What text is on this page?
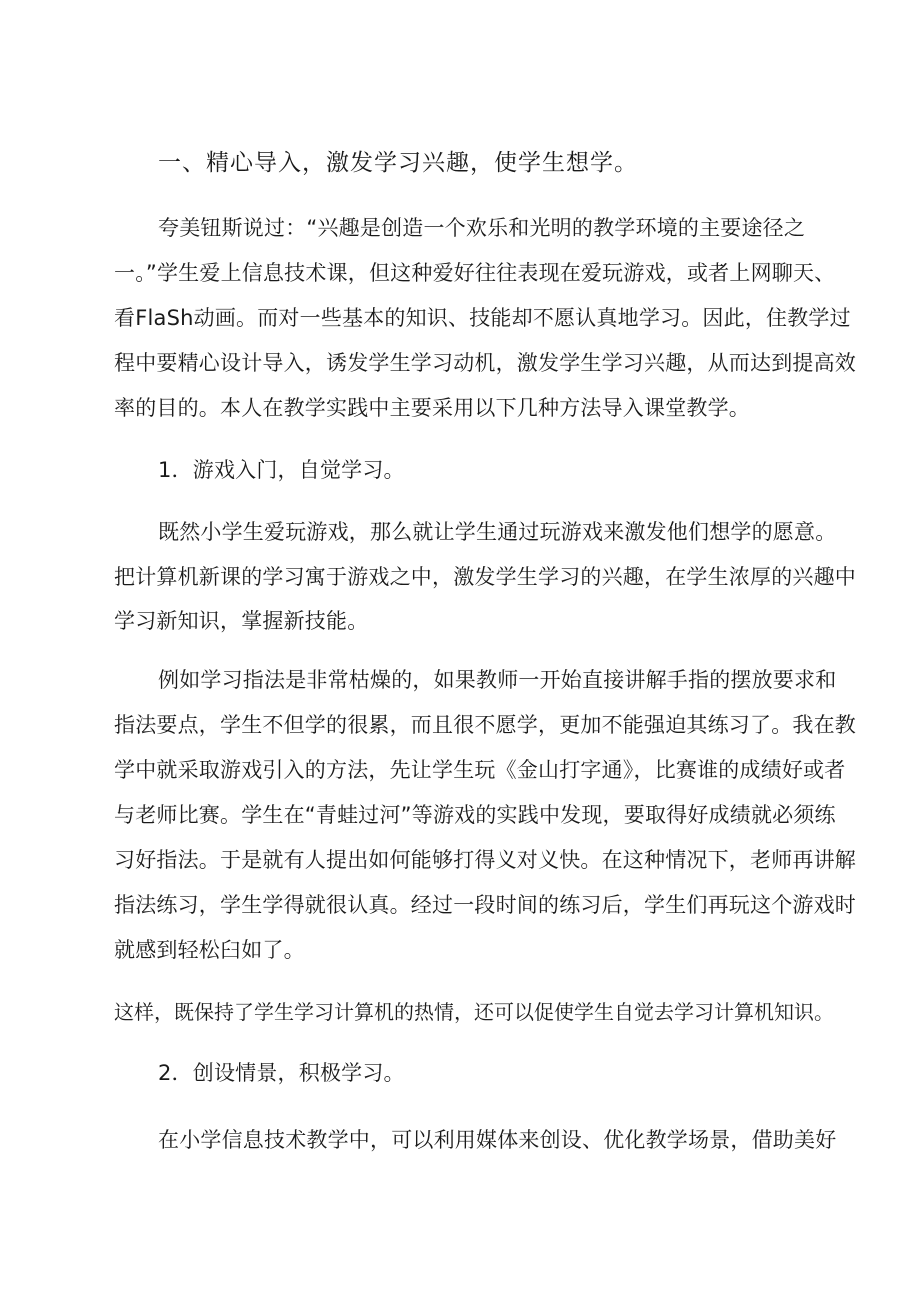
一、精心导入，激发学习兴趣，使学生想学。
夸美钮斯说过：“兴趣是创造一个欢乐和光明的教学环境的主要途径之
一。”学生爱上信息技术课，但这种爱好往往表现在爱玩游戏，或者上网聊天、
看FlaSh动画。而对一些基本的知识、技能却不愿认真地学习。因此，住教学过
程中要精心设计导入，诱发学生学习动机，激发学生学习兴趣，从而达到提高效
率的目的。本人在教学实践中主要采用以下几种方法导入课堂教学。
1．游戏入门，自觉学习。
既然小学生爱玩游戏，那么就让学生通过玩游戏来激发他们想学的愿意。
把计算机新课的学习寓于游戏之中，激发学生学习的兴趣，在学生浓厚的兴趣中
学习新知识，掌握新技能。
例如学习指法是非常枯燥的，如果教师一开始直接讲解手指的摆放要求和
指法要点，学生不但学的很累，而且很不愿学，更加不能强迫其练习了。我在教
学中就采取游戏引入的方法，先让学生玩《金山打字通》，比赛谁的成绩好或者
与老师比赛。学生在“青蛙过河”等游戏的实践中发现，要取得好成绩就必须练
习好指法。于是就有人提出如何能够打得义对义快。在这种情况下，老师再讲解
指法练习，学生学得就很认真。经过一段时间的练习后，学生们再玩这个游戏时
就感到轻松臼如了。
这样，既保持了学生学习计算机的热情，还可以促使学生自觉去学习计算机知识。
2．创设情景，积极学习。
在小学信息技术教学中，可以利用媒体来创设、优化教学场景，借助美好
